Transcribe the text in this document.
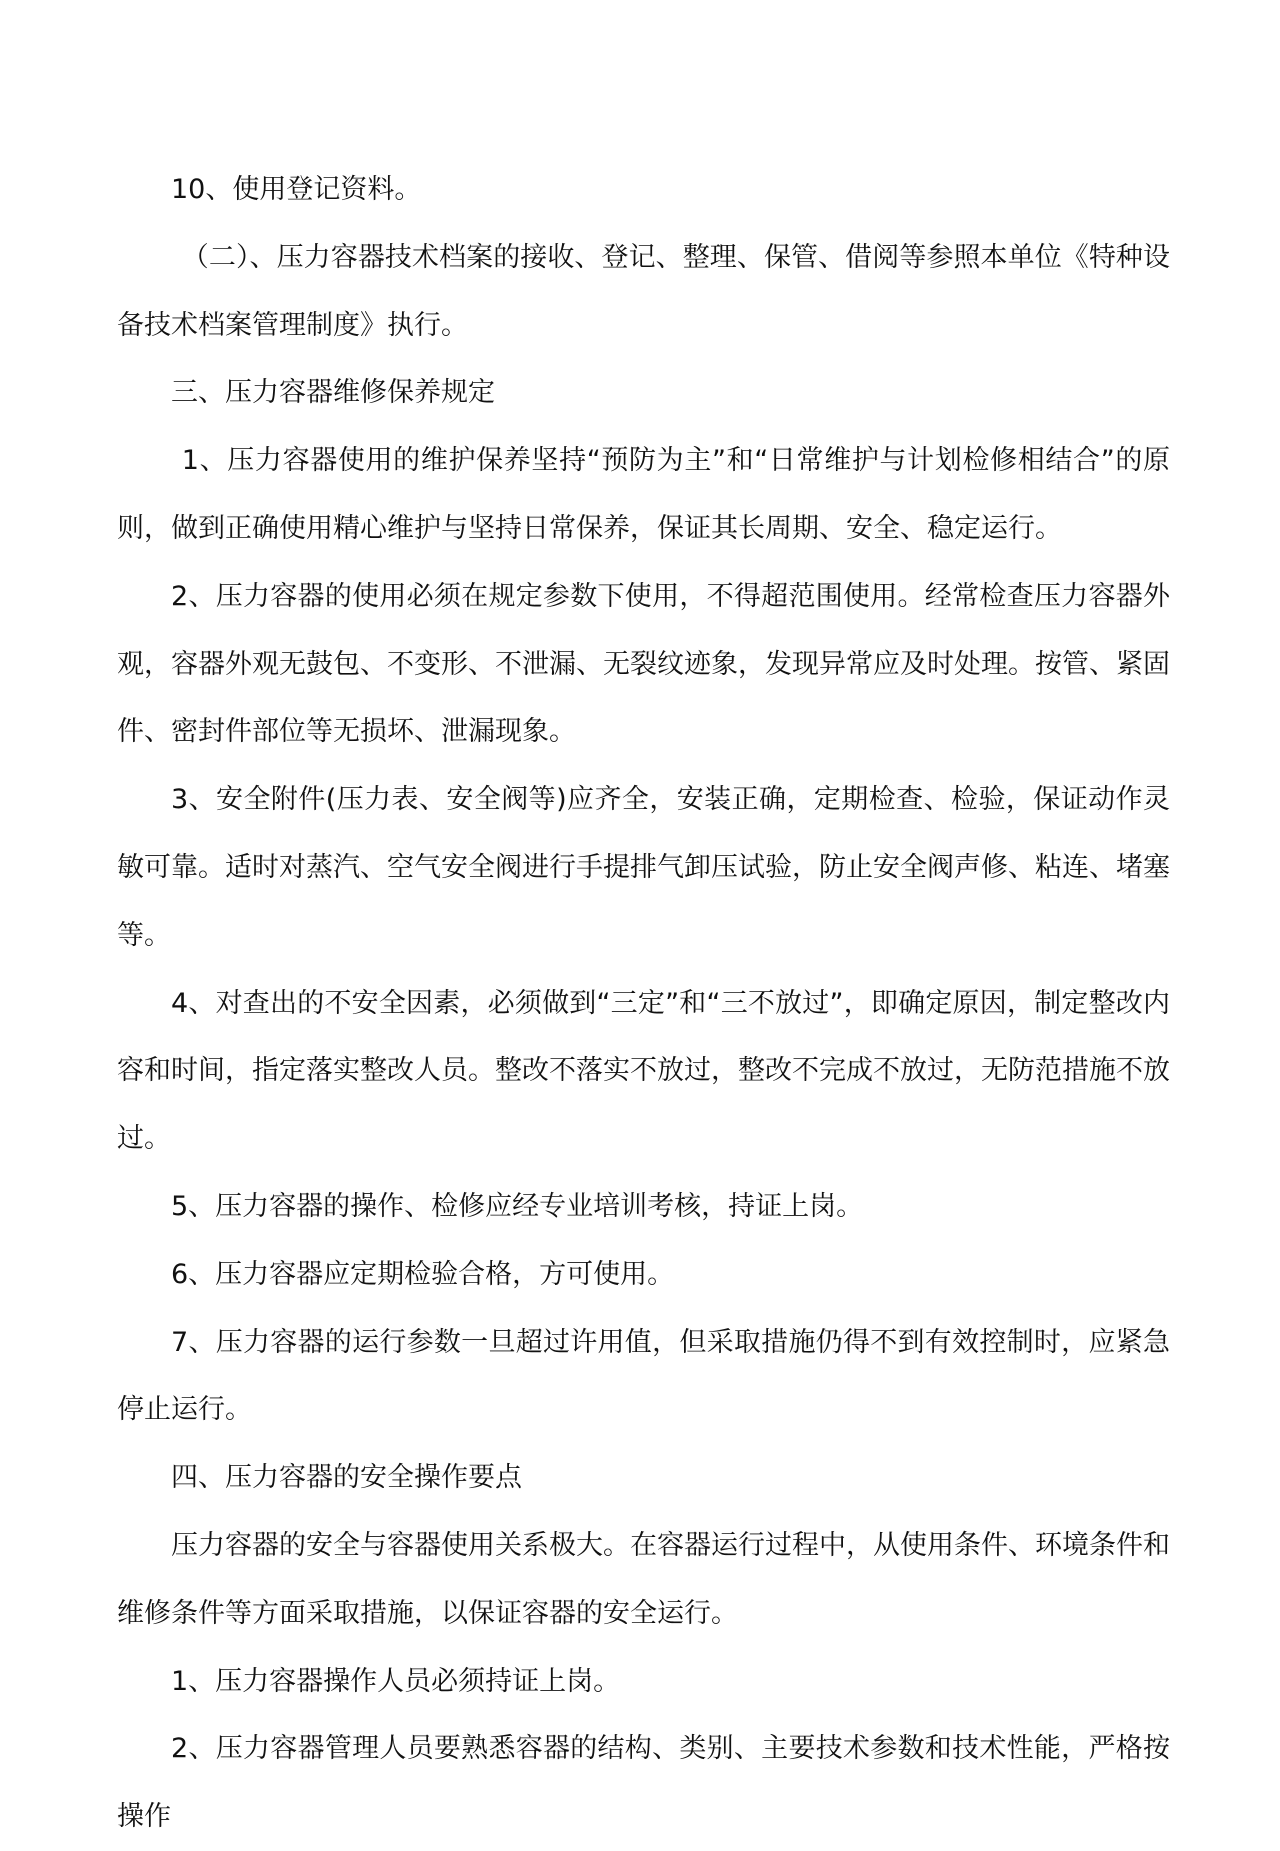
10、使用登记资料。

（二）、压力容器技术档案的接收、登记、整理、保管、借阅等参照本单位《特种设备技术档案管理制度》执行。

三、压力容器维修保养规定

1、压力容器使用的维护保养坚持“预防为主”和“日常维护与计划检修相结合”的原则，做到正确使用精心维护与坚持日常保养，保证其长周期、安全、稳定运行。

2、压力容器的使用必须在规定参数下使用，不得超范围使用。经常检查压力容器外观，容器外观无鼓包、不变形、不泄漏、无裂纹迹象，发现异常应及时处理。按管、紧固件、密封件部位等无损坏、泄漏现象。

3、安全附件(压力表、安全阀等)应齐全，安装正确，定期检查、检验，保证动作灵敏可靠。适时对蒸汽、空气安全阀进行手提排气卸压试验，防止安全阀声修、粘连、堵塞等。

4、对查出的不安全因素，必须做到“三定”和“三不放过”，即确定原因，制定整改内容和时间，指定落实整改人员。整改不落实不放过，整改不完成不放过，无防范措施不放过。

5、压力容器的操作、检修应经专业培训考核，持证上岗。

6、压力容器应定期检验合格，方可使用。

7、压力容器的运行参数一旦超过许用值，但采取措施仍得不到有效控制时，应紧急停止运行。

四、压力容器的安全操作要点

压力容器的安全与容器使用关系极大。在容器运行过程中，从使用条件、环境条件和维修条件等方面采取措施，以保证容器的安全运行。

1、压力容器操作人员必须持证上岗。

2、压力容器管理人员要熟悉容器的结构、类别、主要技术参数和技术性能，严格按操作
